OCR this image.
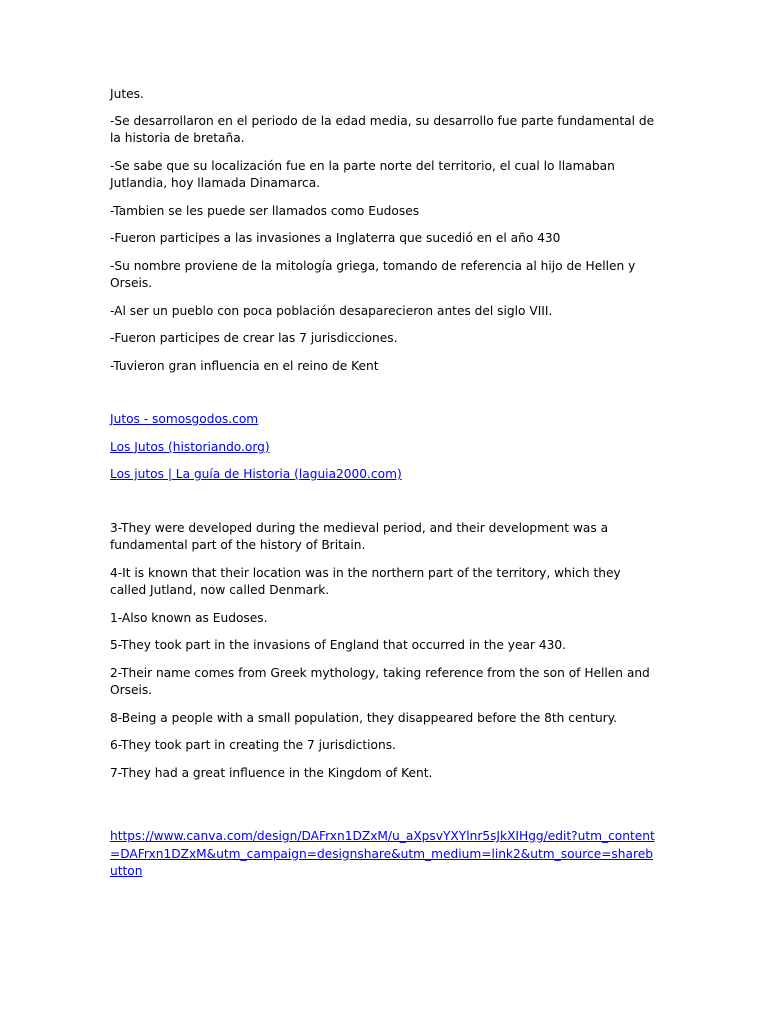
Jutes.

-Se desarrollaron en el periodo de la edad media, su desarrollo fue parte fundamental de la historia de bretaña.

-Se sabe que su localización fue en la parte norte del territorio, el cual lo llamaban Jutlandia, hoy llamada Dinamarca.

-Tambien se les puede ser llamados como Eudoses

-Fueron participes a las invasiones a Inglaterra que sucedió en el año 430

-Su nombre proviene de la mitología griega, tomando de referencia al hijo de Hellen y Orseis.

-Al ser un pueblo con poca población desaparecieron antes del siglo VIII.

-Fueron participes de crear las 7 jurisdicciones.

-Tuvieron gran influencia en el reino de Kent

Jutos - somosgodos.com

Los Jutos (historiando.org)

Los jutos | La guía de Historia (laguia2000.com)

3-They were developed during the medieval period, and their development was a fundamental part of the history of Britain.

4-It is known that their location was in the northern part of the territory, which they called Jutland, now called Denmark.

1-Also known as Eudoses.

5-They took part in the invasions of England that occurred in the year 430.

2-Their name comes from Greek mythology, taking reference from the son of Hellen and Orseis.

8-Being a people with a small population, they disappeared before the 8th century.

6-They took part in creating the 7 jurisdictions.

7-They had a great influence in the Kingdom of Kent.

https://www.canva.com/design/DAFrxn1DZxM/u_aXpsvYXYlnr5sJkXIHgg/edit?utm_content=DAFrxn1DZxM&utm_campaign=designshare&utm_medium=link2&utm_source=sharebutton
